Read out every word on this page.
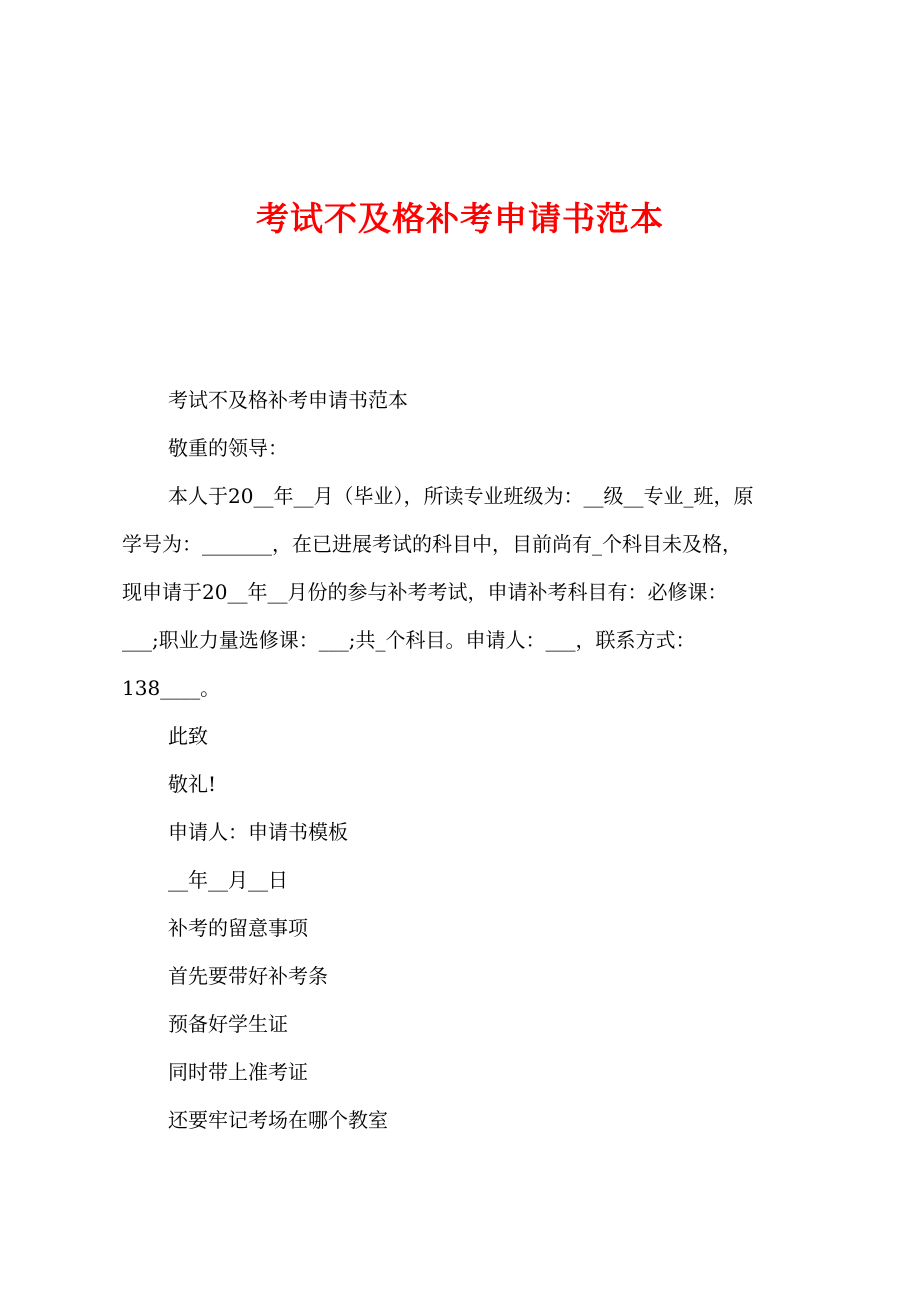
考试不及格补考申请书范本

考试不及格补考申请书范本

敬重的领导：

本人于20__年__月（毕业），所读专业班级为：__级__专业_班，原

学号为：_______，在已进展考试的科目中，目前尚有_个科目未及格，

现申请于20__年__月份的参与补考考试，申请补考科目有：必修课：

___;职业力量选修课：___;共_个科目。申请人：___，联系方式：

138____。

此致

敬礼!

申请人：申请书模板

__年__月__日

补考的留意事项

首先要带好补考条

预备好学生证

同时带上准考证

还要牢记考场在哪个教室
